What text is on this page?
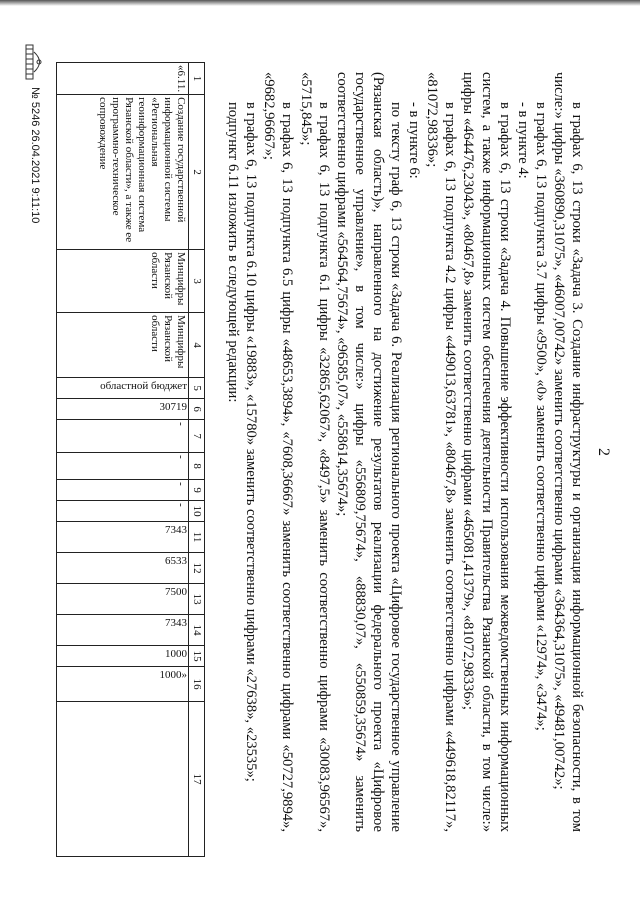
2

в графах 6, 13 строки «Задача 3. Создание инфраструктуры и организация информационной безопасности, в том числе:» цифры «360890,31075», «46007,00742» заменить соответственно цифрами «364364,31075», «49481,00742»;

в графах 6, 13 подпункта 3.7 цифры «9500», «0» заменить соответственно цифрами «12974», «3474»;

- в пункте 4:

в графах 6, 13 строки «Задача 4. Повышение эффективности использования межведомственных информационных систем, а также информационных систем обеспечения деятельности Правительства Рязанской области, в том числе:» цифры «464476,23043», «80467,8» заменить соответственно цифрами «465081,41379», «81072,98336»;

в графах 6, 13 подпункта 4.2 цифры «449013,63781», «80467,8» заменить соответственно цифрами «449618,82117», «81072,98336»;

- в пункте 6:

по тексту граф 6, 13 строки «Задача 6. Реализация регионального проекта «Цифровое государственное управление (Рязанская область)», направленного на достижение результатов реализации федерального проекта «Цифровое государственное управление», в том числе:» цифры «556809,75674», «88830,07», «550859,35674» заменить соответственно цифрами «564564,75674», «96585,07», «558614,35674»;

в графах 6, 13 подпункта 6.1 цифры «32865,62067», «8497,5» заменить соответственно цифрами «30083,96567», «5715,845»;

в графах 6, 13 подпункта 6.5 цифры «48653,3894», «7608,36667» заменить соответственно цифрами «50727,9894», «9682,96667»;

в графах 6, 13 подпункта 6.10 цифры «19883», «15780» заменить соответственно цифрами «27638», «23535»;

подпункт 6.11 изложить в следующей редакции:

1	2	3	4	5	6	7	8	9	10	11	12	13	14	15	16	17
«6.11.	Создание государственной информационной системы «Региональная геоинформационная система Рязанской области», а также ее программно-техническое сопровождение	Минцифры Рязанской области	Минцифры Рязанской области	областной бюджет	30719	-	-	-	-	7343	6533	7500	7343	1000	1000»	
№ 5246 26.04.2021 9:11:10
